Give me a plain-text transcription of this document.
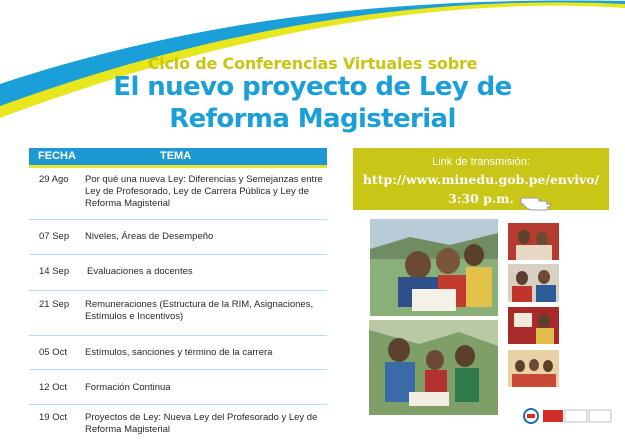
Ciclo de Conferencias Virtuales sobre
El nuevo proyecto de Ley de
Reforma Magisterial
FECHA	TEMA
29 Ago Por qué una nueva Ley: Diferencias y Semejanzas entre Ley de Profesorado, Ley de Carrera Pública y Ley de Reforma Magisterial
07 Sep Niveles, Áreas de Desempeño
14 Sep Evaluaciones a docentes
21 Sep Remuneraciones (Estructura de la RIM, Asignaciones, Estímulos e Incentivos)
05 Oct Estímulos, sanciones y término de la carrera
12 Oct Formación Continua
19 Oct Proyectos de Ley: Nueva Ley del Profesorado y Ley de Reforma Magisterial
Link de transmisión:
http://www.minedu.gob.pe/envivo/
3:30 p.m.
